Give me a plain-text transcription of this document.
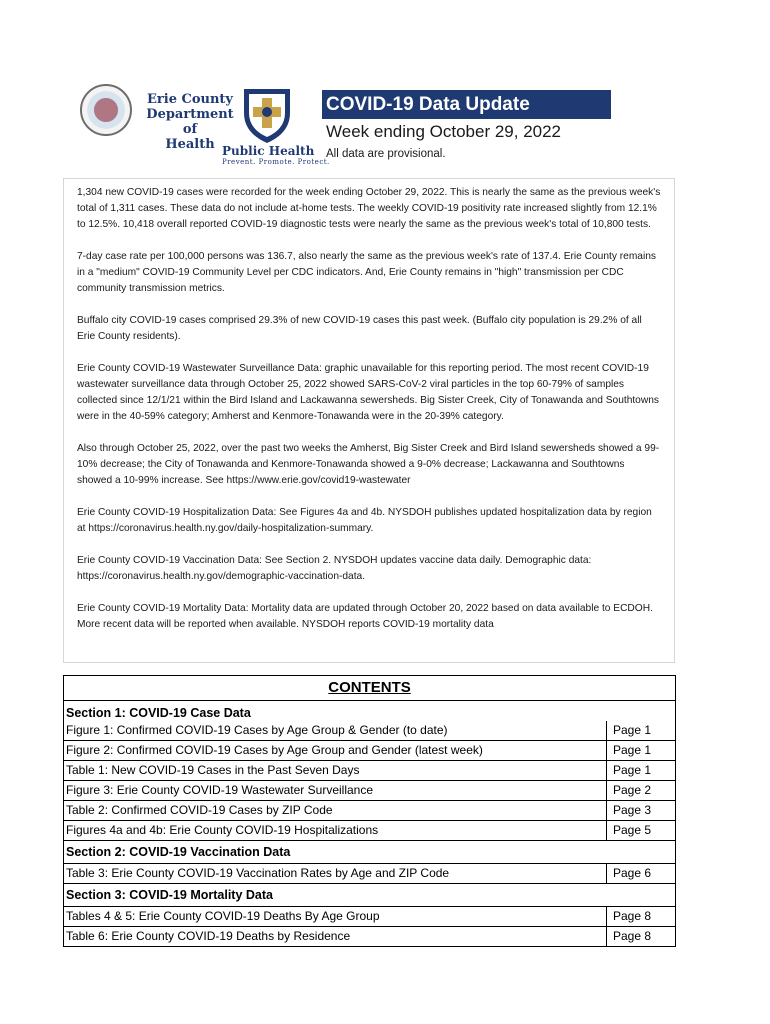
Erie County
Department of
Health Public Health
Prevent. Promote. Protect.
COVID-19 Data Update
Week ending October 29, 2022
All data are provisional.

1,304 new COVID-19 cases were recorded for the week ending October 29, 2022. This is nearly the same as the previous week's total of 1,311 cases. These data do not include at-home tests. The weekly COVID-19 positivity rate increased slightly from 12.1% to 12.5%. 10,418 overall reported COVID-19 diagnostic tests were nearly the same as the previous week's total of 10,800 tests.

7-day case rate per 100,000 persons was 136.7, also nearly the same as the previous week's rate of 137.4. Erie County remains in a "medium" COVID-19 Community Level per CDC indicators. And, Erie County remains in "high" transmission per CDC community transmission metrics.

Buffalo city COVID-19 cases comprised 29.3% of new COVID-19 cases this past week. (Buffalo city population is 29.2% of all Erie County residents).

Erie County COVID-19 Wastewater Surveillance Data: graphic unavailable for this reporting period. The most recent COVID-19 wastewater surveillance data through October 25, 2022 showed SARS-CoV-2 viral particles in the top 60-79% of samples collected since 12/1/21 within the Bird Island and Lackawanna sewersheds. Big Sister Creek, City of Tonawanda and Southtowns were in the 40-59% category; Amherst and Kenmore-Tonawanda were in the 20-39% category.

Also through October 25, 2022, over the past two weeks the Amherst, Big Sister Creek and Bird Island sewersheds showed a 99-10% decrease; the City of Tonawanda and Kenmore-Tonawanda showed a 9-0% decrease; Lackawanna and Southtowns showed a 10-99% increase. See https://www.erie.gov/covid19-wastewater

Erie County COVID-19 Hospitalization Data: See Figures 4a and 4b. NYSDOH publishes updated hospitalization data by region at https://coronavirus.health.ny.gov/daily-hospitalization-summary.

Erie County COVID-19 Vaccination Data: See Section 2. NYSDOH updates vaccine data daily. Demographic data: https://coronavirus.health.ny.gov/demographic-vaccination-data.

Erie County COVID-19 Mortality Data: Mortality data are updated through October 20, 2022 based on data available to ECDOH. More recent data will be reported when available. NYSDOH reports COVID-19 mortality data

CONTENTS
Section 1: COVID-19 Case Data
Figure 1: Confirmed COVID-19 Cases by Age Group & Gender (to date)	Page 1
Figure 2: Confirmed COVID-19 Cases by Age Group and Gender (latest week)	Page 1
Table 1: New COVID-19 Cases in the Past Seven Days	Page 1
Figure 3: Erie County COVID-19 Wastewater Surveillance	Page 2
Table 2: Confirmed COVID-19 Cases by ZIP Code	Page 3
Figures 4a and 4b: Erie County COVID-19 Hospitalizations	Page 5
Section 2: COVID-19 Vaccination Data
Table 3: Erie County COVID-19 Vaccination Rates by Age and ZIP Code	Page 6
Section 3: COVID-19 Mortality Data
Tables 4 & 5: Erie County COVID-19 Deaths By Age Group	Page 8
Table 6: Erie County COVID-19 Deaths by Residence	Page 8
